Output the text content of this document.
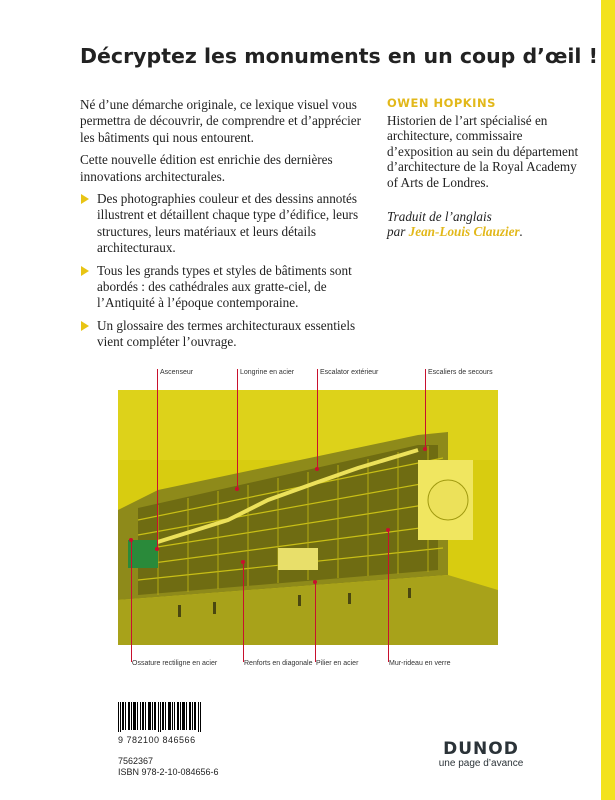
Décryptez les monuments en un coup d’œil !

Né d’une démarche originale, ce lexique visuel vous permettra de découvrir, de comprendre et d’apprécier les bâtiments qui nous entourent.

Cette nouvelle édition est enrichie des dernières innovations architecturales.

Des photographies couleur et des dessins annotés illustrent et détaillent chaque type d’édifice, leurs structures, leurs matériaux et leurs détails architecturaux.
Tous les grands types et styles de bâtiments sont abordés : des cathédrales aux gratte-ciel, de l’Antiquité à l’époque contemporaine.
Un glossaire des termes architecturaux essentiels vient compléter l’ouvrage.
OWEN HOPKINS
Historien de l’art spécialisé en architecture, commissaire d’exposition au sein du département d’architecture de la Royal Academy of Arts de Londres.
Traduit de l’anglais
par Jean-Louis Clauzier.
Ascenseur	Longrine en acier	Escalator extérieur	Escaliers de secours
Ossature rectiligne en acier	Renforts en diagonale Pilier en acier	Mur-rideau en verre
9 782100 846566
7562367
ISBN 978-2-10-084656-6
DUNOD
une page d’avance
